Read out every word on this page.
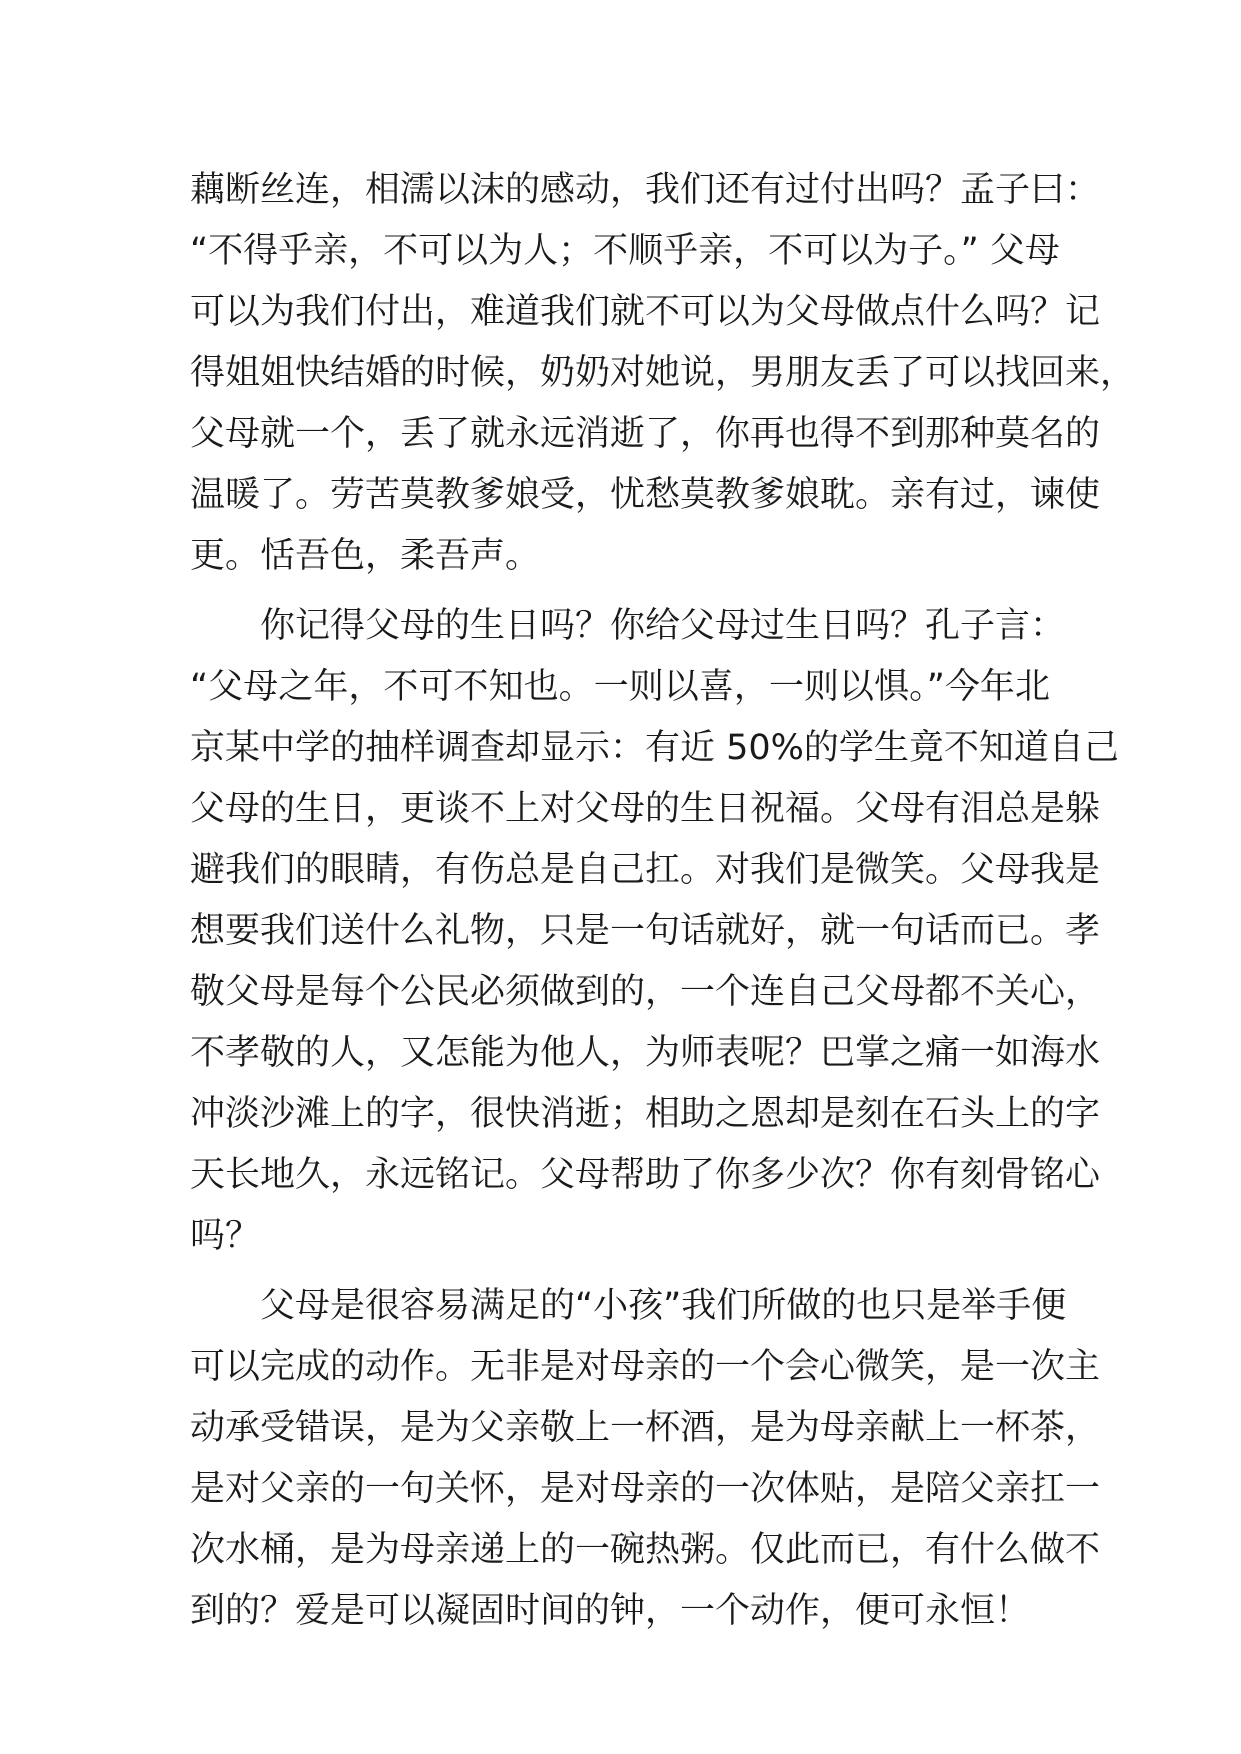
藕断丝连，相濡以沫的感动，我们还有过付出吗？孟子曰：
“不得乎亲，不可以为人；不顺乎亲，不可以为子。” 父母
可以为我们付出，难道我们就不可以为父母做点什么吗？记
得姐姐快结婚的时候，奶奶对她说，男朋友丢了可以找回来，
父母就一个，丢了就永远消逝了，你再也得不到那种莫名的
温暖了。劳苦莫教爹娘受，忧愁莫教爹娘耽。亲有过，谏使
更。恬吾色，柔吾声。
你记得父母的生日吗？你给父母过生日吗？孔子言：
“父母之年，不可不知也。一则以喜，一则以惧。”今年北
京某中学的抽样调查却显示：有近 50%的学生竟不知道自己
父母的生日，更谈不上对父母的生日祝福。父母有泪总是躲
避我们的眼睛，有伤总是自己扛。对我们是微笑。父母我是
想要我们送什么礼物，只是一句话就好，就一句话而已。孝
敬父母是每个公民必须做到的，一个连自己父母都不关心，
不孝敬的人，又怎能为他人，为师表呢？巴掌之痛一如海水
冲淡沙滩上的字，很快消逝；相助之恩却是刻在石头上的字
天长地久，永远铭记。父母帮助了你多少次？你有刻骨铭心
吗？
父母是很容易满足的“小孩”我们所做的也只是举手便
可以完成的动作。无非是对母亲的一个会心微笑，是一次主
动承受错误，是为父亲敬上一杯酒，是为母亲献上一杯茶，
是对父亲的一句关怀，是对母亲的一次体贴，是陪父亲扛一
次水桶，是为母亲递上的一碗热粥。仅此而已，有什么做不
到的？爱是可以凝固时间的钟，一个动作，便可永恒！
